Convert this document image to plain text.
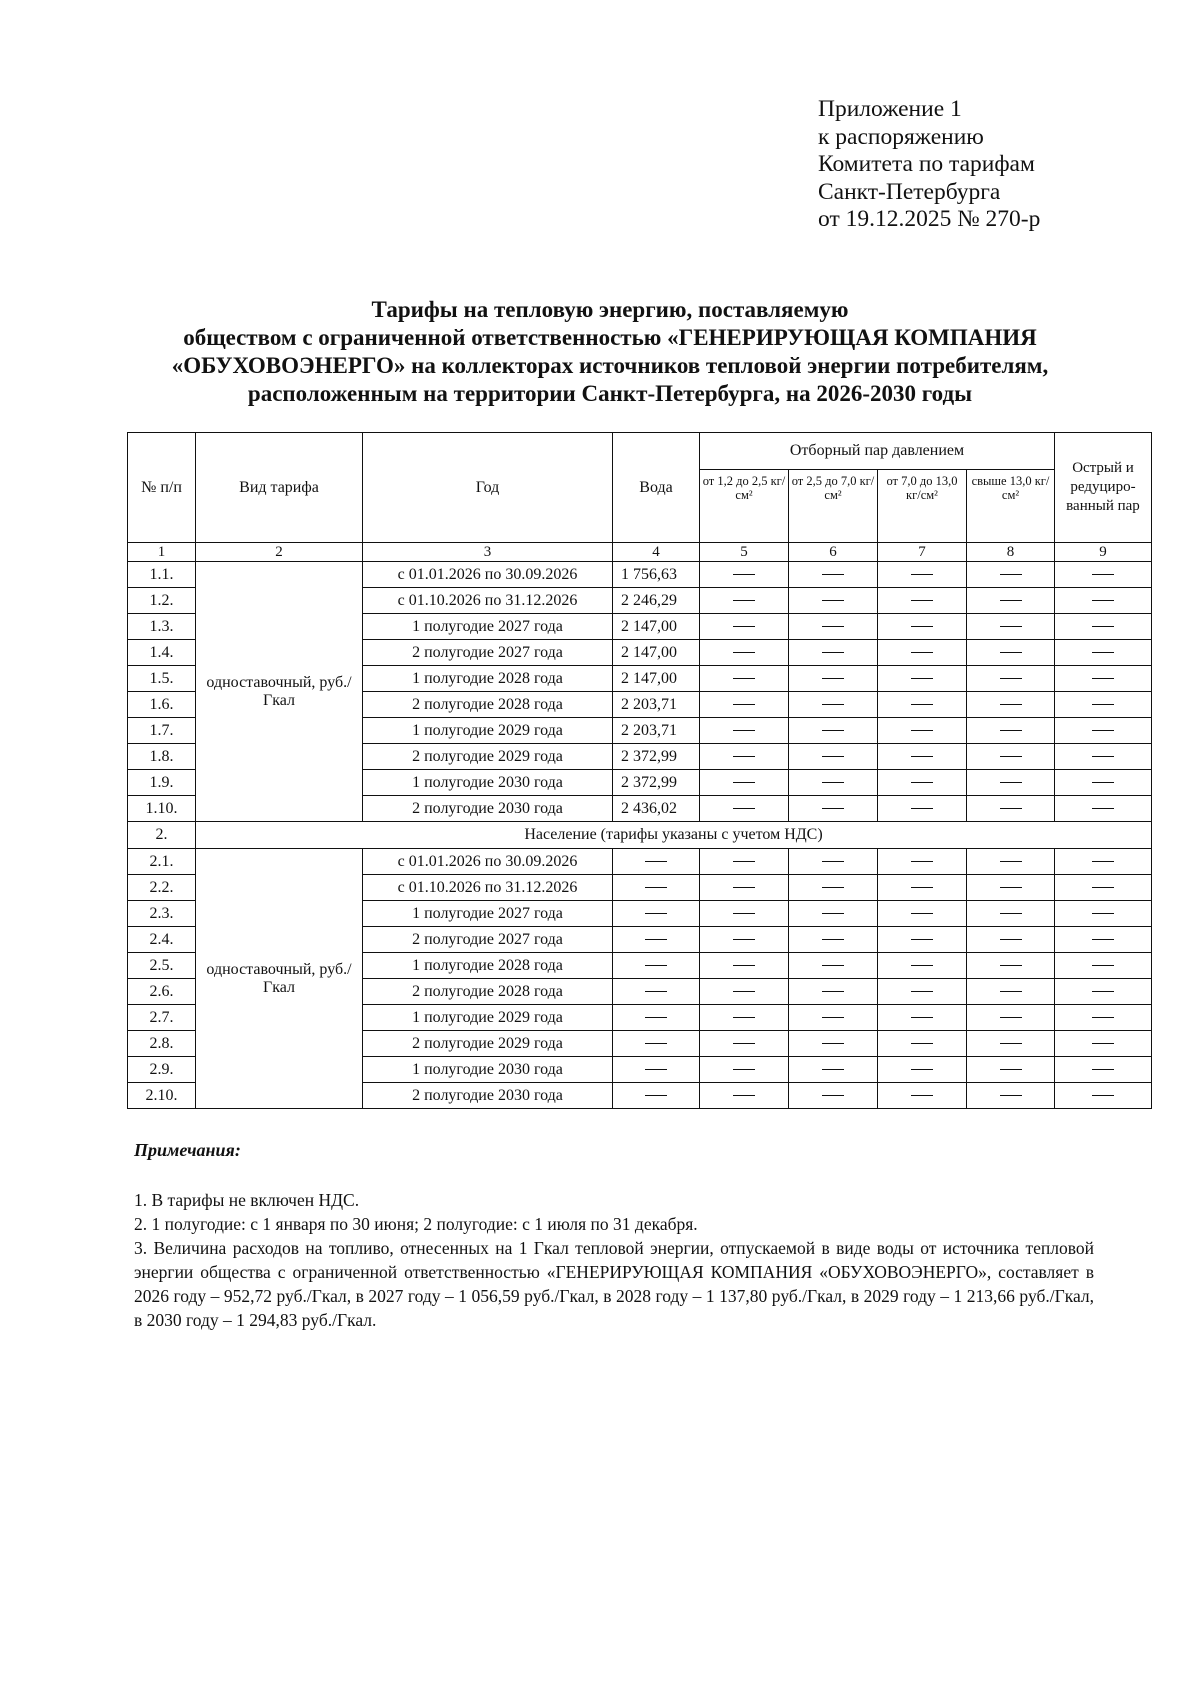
Приложение 1
к распоряжению
Комитета по тарифам
Санкт-Петербурга
от 19.12.2025 № 270-р
Тарифы на тепловую энергию, поставляемую
обществом с ограниченной ответственностью «ГЕНЕРИРУЮЩАЯ КОМПАНИЯ
«ОБУХОВОЭНЕРГО» на коллекторах источников тепловой энергии потребителям,
расположенным на территории Санкт-Петербурга, на 2026-2030 годы
№ п/п	Вид тарифа	Год	Вода	Отборный пар давлением				Острый и редуциро-ванный пар
				от 1,2 до 2,5 кг/см²	от 2,5 до 7,0 кг/см²	от 7,0 до 13,0 кг/см²	свыше 13,0 кг/см²	
1	2	3	4	5	6	7	8	9
1.1.	одноставочный, руб./Гкал	с 01.01.2026 по 30.09.2026	1 756,63					
1.2.		с 01.10.2026 по 31.12.2026	2 246,29					
1.3.		1 полугодие 2027 года	2 147,00					
1.4.		2 полугодие 2027 года	2 147,00					
1.5.		1 полугодие 2028 года	2 147,00					
1.6.		2 полугодие 2028 года	2 203,71					
1.7.		1 полугодие 2029 года	2 203,71					
1.8.		2 полугодие 2029 года	2 372,99					
1.9.		1 полугодие 2030 года	2 372,99					
1.10.		2 полугодие 2030 года	2 436,02					
2.	Население (тарифы указаны с учетом НДС)							
2.1.	одноставочный, руб./Гкал	с 01.01.2026 по 30.09.2026						
2.2.		с 01.10.2026 по 31.12.2026						
2.3.		1 полугодие 2027 года						
2.4.		2 полугодие 2027 года						
2.5.		1 полугодие 2028 года						
2.6.		2 полугодие 2028 года						
2.7.		1 полугодие 2029 года						
2.8.		2 полугодие 2029 года						
2.9.		1 полугодие 2030 года						
2.10.		2 полугодие 2030 года						
Примечания:
1. В тарифы не включен НДС.
2. 1 полугодие: с 1 января по 30 июня; 2 полугодие: с 1 июля по 31 декабря.
3. Величина расходов на топливо, отнесенных на 1 Гкал тепловой энергии, отпускаемой в виде воды от источника тепловой энергии общества с ограниченной ответственностью «ГЕНЕРИРУЮЩАЯ КОМПАНИЯ «ОБУХОВОЭНЕРГО», составляет в 2026 году – 952,72 руб./Гкал, в 2027 году – 1 056,59 руб./Гкал, в 2028 году – 1 137,80 руб./Гкал, в 2029 году – 1 213,66 руб./Гкал, в 2030 году – 1 294,83 руб./Гкал.
